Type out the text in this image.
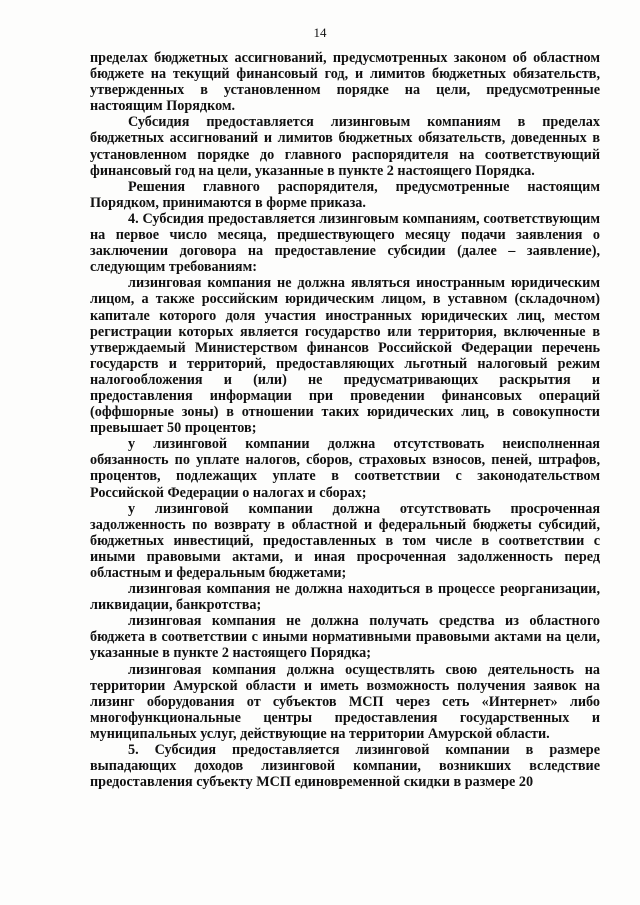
14

пределах бюджетных ассигнований, предусмотренных законом об областном бюджете на текущий финансовый год, и лимитов бюджетных обязательств, утвержденных в установленном порядке на цели, предусмотренные настоящим Порядком.

Субсидия предоставляется лизинговым компаниям в пределах бюджетных ассигнований и лимитов бюджетных обязательств, доведенных в установленном порядке до главного распорядителя на соответствующий финансовый год на цели, указанные в пункте 2 настоящего Порядка.

Решения главного распорядителя, предусмотренные настоящим Порядком, принимаются в форме приказа.

4. Субсидия предоставляется лизинговым компаниям, соответствующим на первое число месяца, предшествующего месяцу подачи заявления о заключении договора на предоставление субсидии (далее – заявление), следующим требованиям:

лизинговая компания не должна являться иностранным юридическим лицом, а также российским юридическим лицом, в уставном (складочном) капитале которого доля участия иностранных юридических лиц, местом регистрации которых является государство или территория, включенные в утверждаемый Министерством финансов Российской Федерации перечень государств и территорий, предоставляющих льготный налоговый режим налогообложения и (или) не предусматривающих раскрытия и предоставления информации при проведении финансовых операций (оффшорные зоны) в отношении таких юридических лиц, в совокупности превышает 50 процентов;

у лизинговой компании должна отсутствовать неисполненная обязанность по уплате налогов, сборов, страховых взносов, пеней, штрафов, процентов, подлежащих уплате в соответствии с законодательством Российской Федерации о налогах и сборах;

у лизинговой компании должна отсутствовать просроченная задолженность по возврату в областной и федеральный бюджеты субсидий, бюджетных инвестиций, предоставленных в том числе в соответствии с иными правовыми актами, и иная просроченная задолженность перед областным и федеральным бюджетами;

лизинговая компания не должна находиться в процессе реорганизации, ликвидации, банкротства;

лизинговая компания не должна получать средства из областного бюджета в соответствии с иными нормативными правовыми актами на цели, указанные в пункте 2 настоящего Порядка;

лизинговая компания должна осуществлять свою деятельность на территории Амурской области и иметь возможность получения заявок на лизинг оборудования от субъектов МСП через сеть «Интернет» либо многофункциональные центры предоставления государственных и муниципальных услуг, действующие на территории Амурской области.

5. Субсидия предоставляется лизинговой компании в размере выпадающих доходов лизинговой компании, возникших вследствие предоставления субъекту МСП единовременной скидки в размере 20
